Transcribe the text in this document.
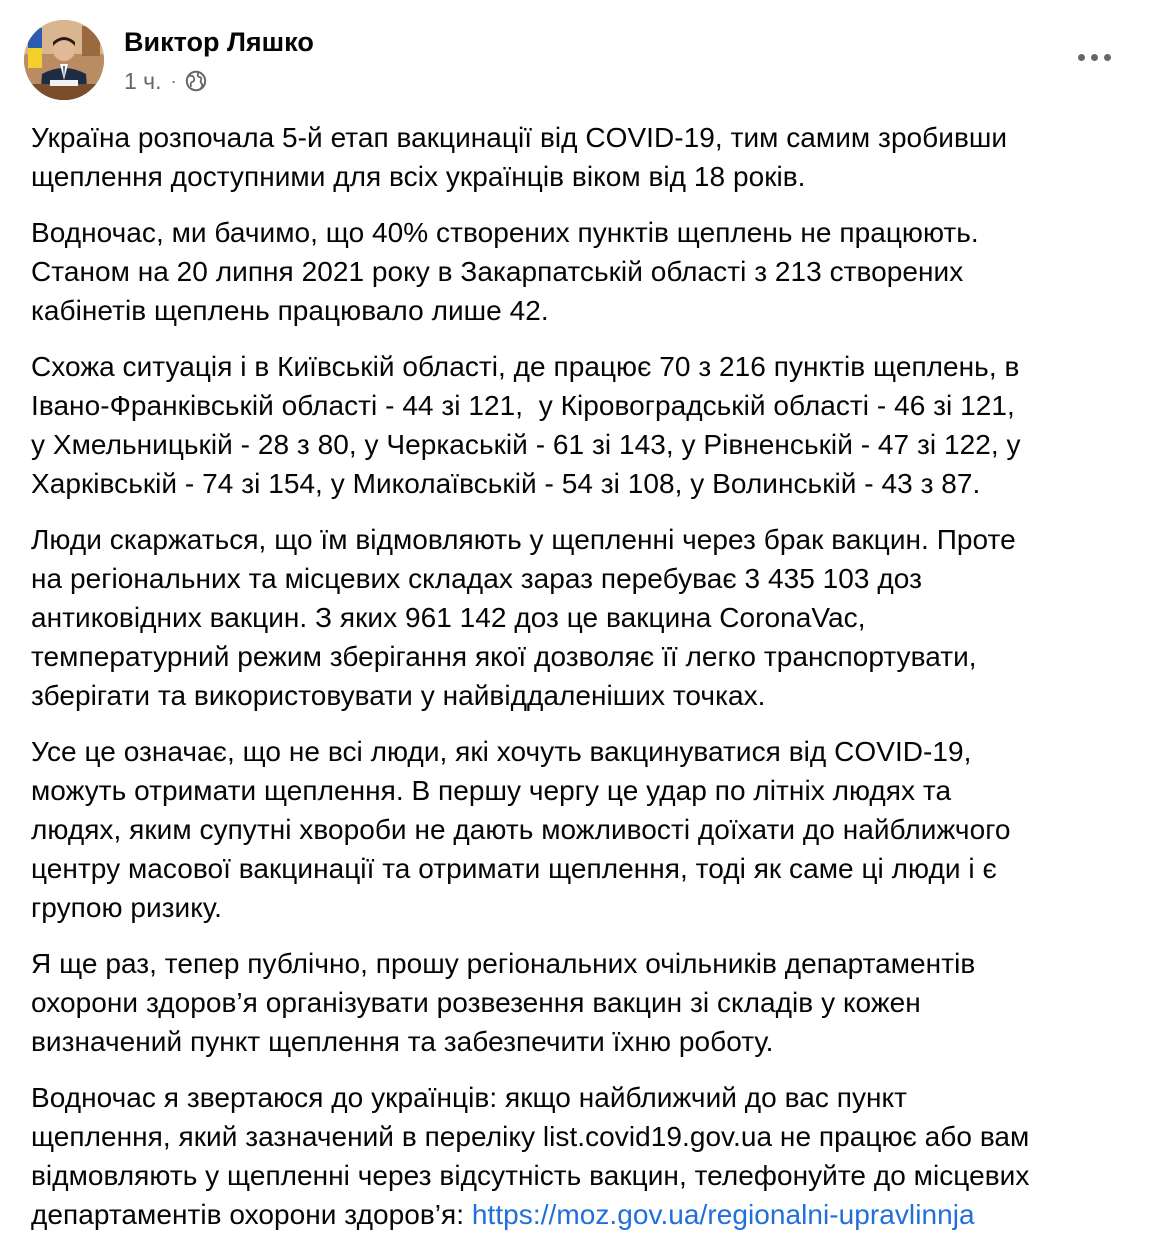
Виктор Ляшко
1 ч. ·
Україна розпочала 5-й етап вакцинації від COVID-19, тим самим зробивши
щеплення доступними для всіх українців віком від 18 років.
Водночас, ми бачимо, що 40% створених пунктів щеплень не працюють.
Станом на 20 липня 2021 року в Закарпатській області з 213 створених
кабінетів щеплень працювало лише 42.
Схожа ситуація і в Київській області, де працює 70 з 216 пунктів щеплень, в
Івано-Франківській області - 44 зі 121,  у Кіровоградській області - 46 зі 121,
у Хмельницькій - 28 з 80, у Черкаській - 61 зі 143, у Рівненській - 47 зі 122, у
Харківській - 74 зі 154, у Миколаївській - 54 зі 108, у Волинській - 43 з 87.
Люди скаржаться, що їм відмовляють у щепленні через брак вакцин. Проте
на регіональних та місцевих складах зараз перебуває 3 435 103 доз
антиковідних вакцин. З яких 961 142 доз це вакцина CoronaVac,
температурний режим зберігання якої дозволяє її легко транспортувати,
зберігати та використовувати у найвіддаленіших точках.
Усе це означає, що не всі люди, які хочуть вакцинуватися від COVID-19,
можуть отримати щеплення. В першу чергу це удар по літніх людях та
людях, яким супутні хвороби не дають можливості доїхати до найближчого
центру масової вакцинації та отримати щеплення, тоді як саме ці люди і є
групою ризику.
Я ще раз, тепер публічно, прошу регіональних очільників департаментів
охорони здоров’я організувати розвезення вакцин зі складів у кожен
визначений пункт щеплення та забезпечити їхню роботу.
Водночас я звертаюся до українців: якщо найближчий до вас пункт
щеплення, який зазначений в переліку list.covid19.gov.ua не працює або вам
відмовляють у щепленні через відсутність вакцин, телефонуйте до місцевих
департаментів охорони здоров’я: https://moz.gov.ua/regionalni-upravlinnja
